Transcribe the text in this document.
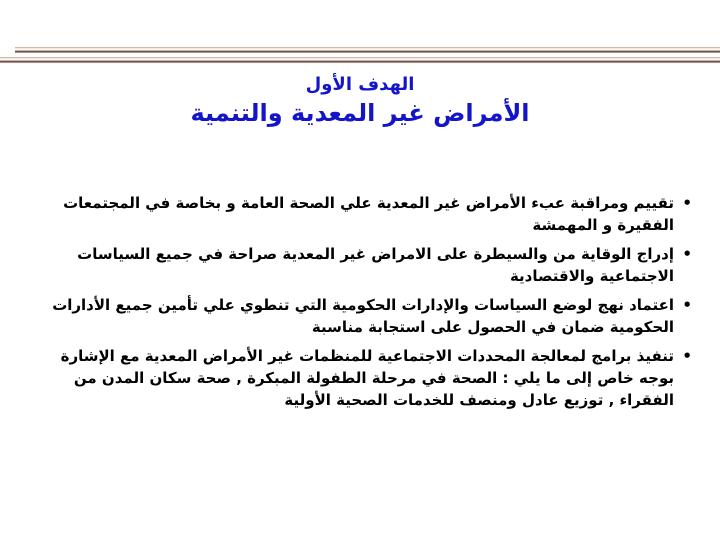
الهدف الأول
الأمراض غير المعدية والتنمية
•
تقييم ومراقبة عبء الأمراض غير المعدية علي الصحة العامة و بخاصة في المجتمعات الفقيرة و المهمشة
•
إدراج الوقاية من والسيطرة على الامراض غير المعدية صراحة في جميع السياسات الاجتماعية والاقتصادية
•
اعتماد نهج لوضع السياسات والإدارات الحكومية التي تنطوي علي تأمين جميع الأدارات الحكومية ضمان في الحصول على استجابة مناسبة
•
تنفيذ برامج لمعالجة المحددات الاجتماعية للمنظمات غير الأمراض المعدية مع الإشارة بوجه خاص إلى ما يلي : الصحة في مرحلة الطفولة المبكرة , صحة سكان المدن من الفقراء , توزيع عادل ومنصف للخدمات الصحية الأولية
